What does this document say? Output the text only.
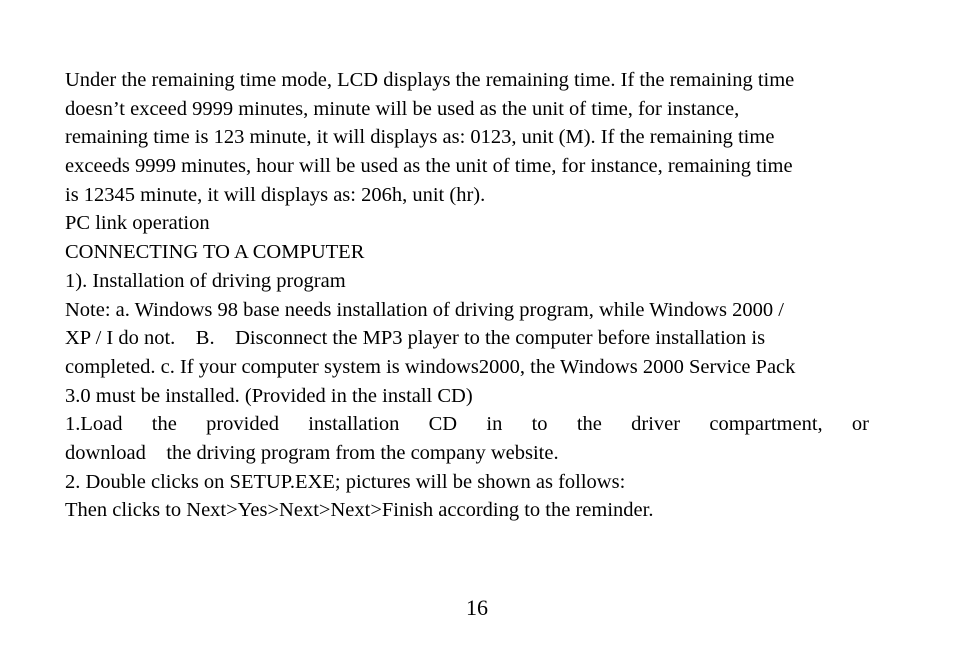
Under the remaining time mode, LCD displays the remaining time. If the remaining time
doesn’t exceed 9999 minutes, minute will be used as the unit of time, for instance,
remaining time is 123 minute, it will displays as: 0123, unit (M). If the remaining time
exceeds 9999 minutes, hour will be used as the unit of time, for instance, remaining time
is 12345 minute, it will displays as: 206h, unit (hr).
PC link operation
CONNECTING TO A COMPUTER
1). Installation of driving program
Note: a. Windows 98 base needs installation of driving program, while Windows 2000 /
XP / I do not.    B.    Disconnect the MP3 player to the computer before installation is
completed. c. If your computer system is windows2000, the Windows 2000 Service Pack
3.0 must be installed. (Provided in the install CD)
1.Load the provided installation CD in to the driver compartment, or
download    the driving program from the company website.
2. Double clicks on SETUP.EXE; pictures will be shown as follows:
Then clicks to Next>Yes>Next>Next>Finish according to the reminder.
16
